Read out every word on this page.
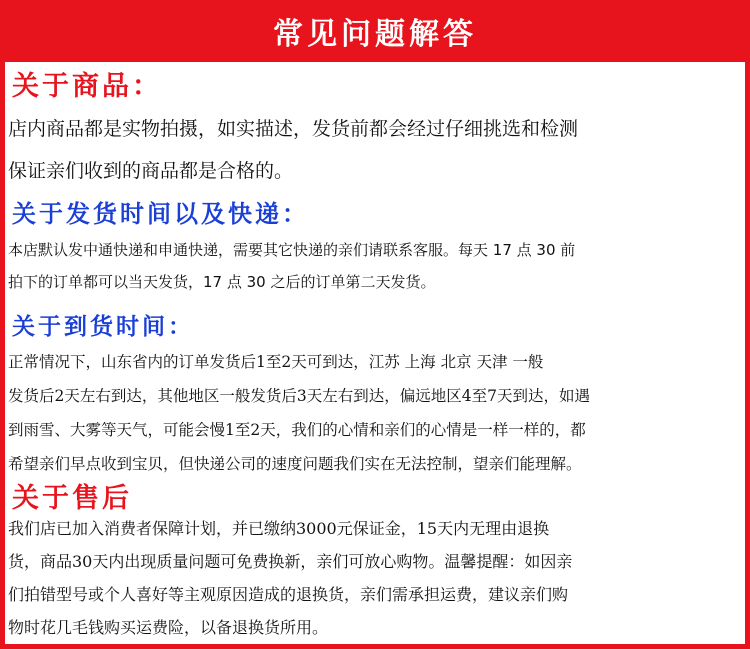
常见问题解答
关于商品：
店内商品都是实物拍摄，如实描述，发货前都会经过仔细挑选和检测
保证亲们收到的商品都是合格的。
关于发货时间以及快递：
本店默认发中通快递和申通快递，需要其它快递的亲们请联系客服。每天 17 点 30 前
拍下的订单都可以当天发货，17 点 30 之后的订单第二天发货。
关于到货时间：
正常情况下，山东省内的订单发货后1至2天可到达，江苏 上海 北京 天津 一般
发货后2天左右到达，其他地区一般发货后3天左右到达，偏远地区4至7天到达，如遇
到雨雪、大雾等天气，可能会慢1至2天，我们的心情和亲们的心情是一样一样的，都
希望亲们早点收到宝贝，但快递公司的速度问题我们实在无法控制，望亲们能理解。
关于售后
我们店已加入消费者保障计划，并已缴纳3000元保证金，15天内无理由退换
货，商品30天内出现质量问题可免费换新，亲们可放心购物。温馨提醒：如因亲
们拍错型号或个人喜好等主观原因造成的退换货，亲们需承担运费，建议亲们购
物时花几毛钱购买运费险，以备退换货所用。
